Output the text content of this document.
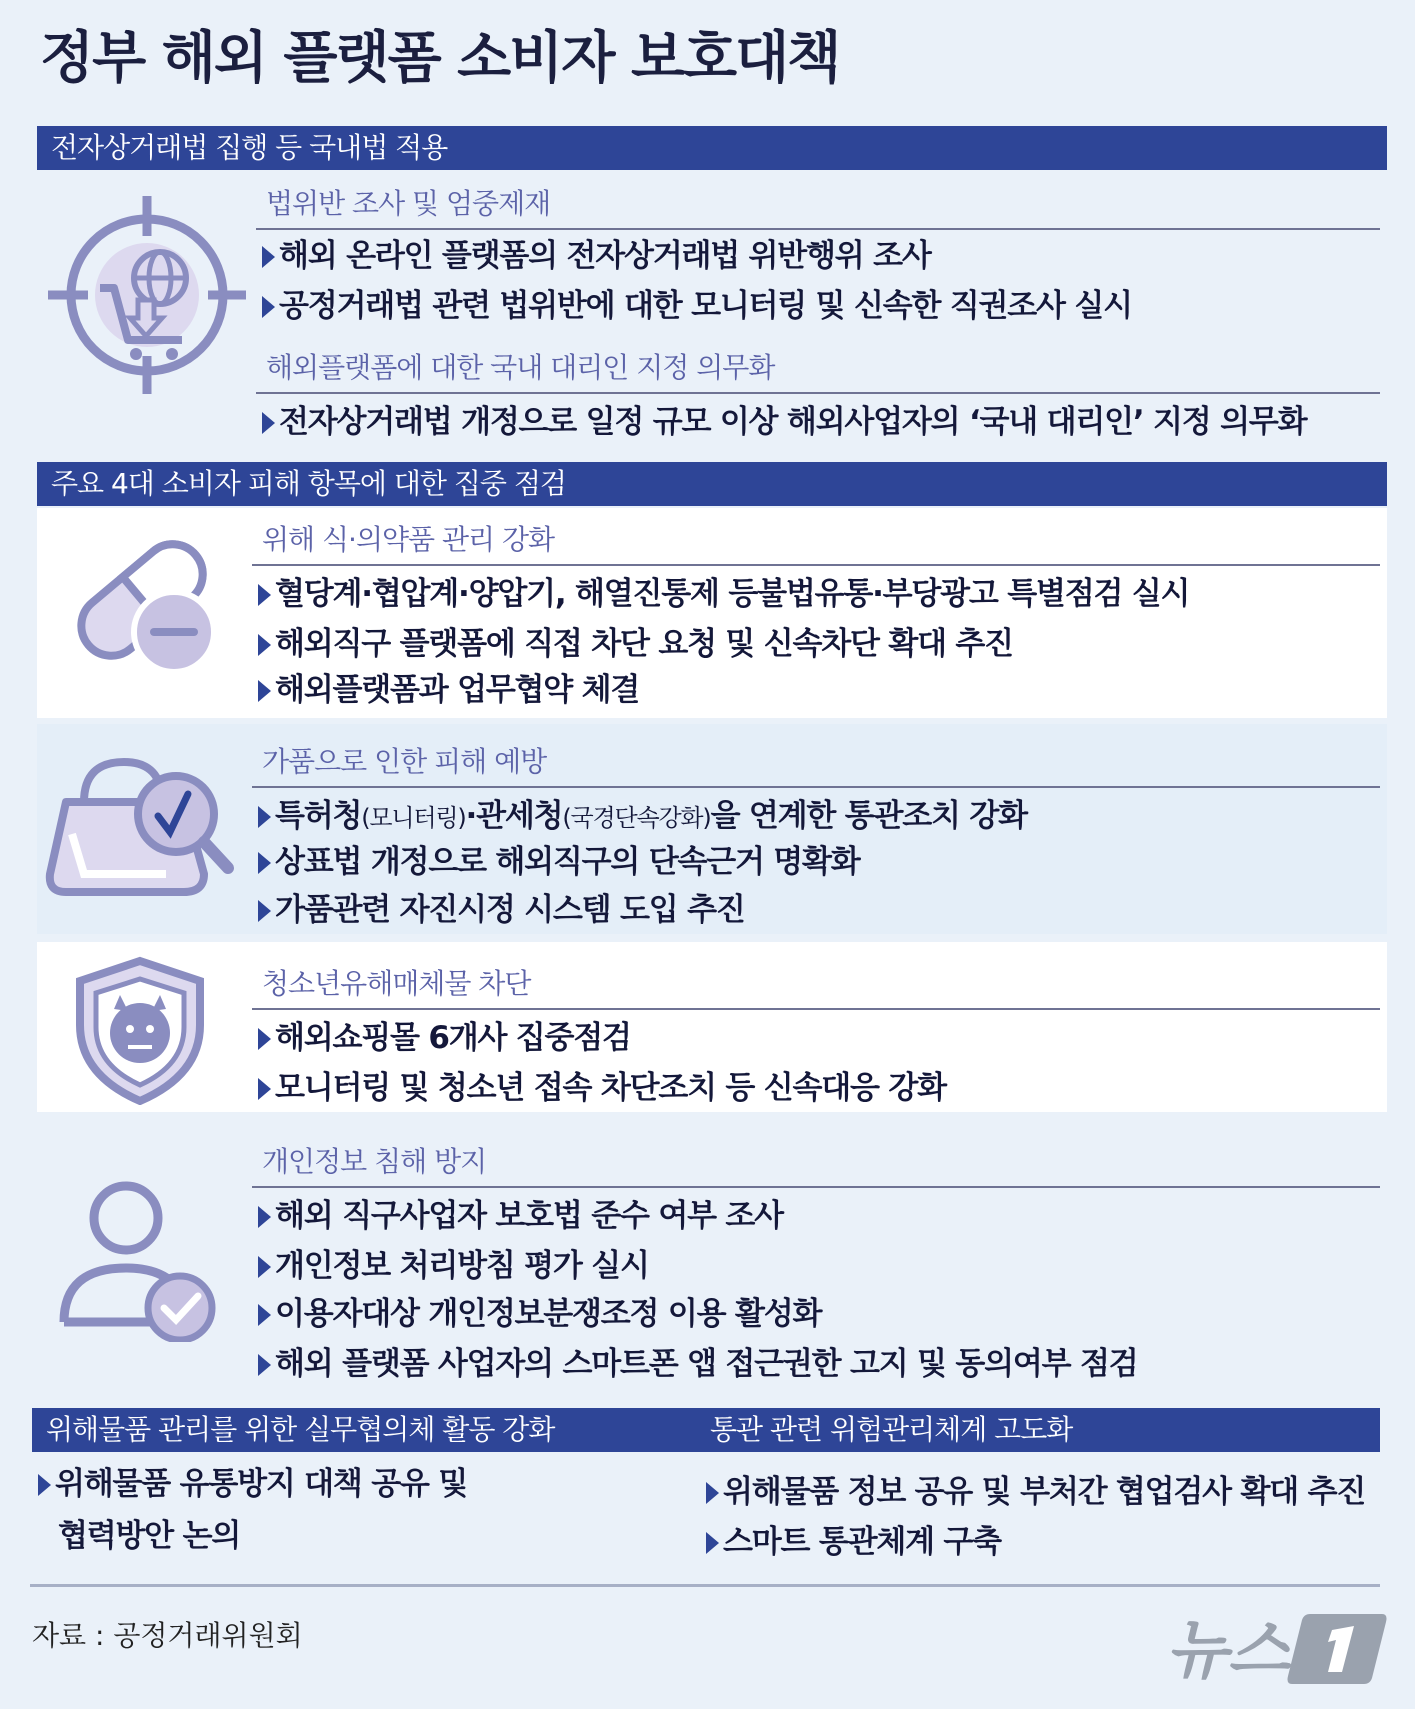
정부 해외 플랫폼 소비자 보호대책
전자상거래법 집행 등 국내법 적용
법위반 조사 및 엄중제재
해외 온라인 플랫폼의 전자상거래법 위반행위 조사
공정거래법 관련 법위반에 대한 모니터링 및 신속한 직권조사 실시
해외플랫폼에 대한 국내 대리인 지정 의무화
전자상거래법 개정으로 일정 규모 이상 해외사업자의 ‘국내 대리인’ 지정 의무화
주요 4대 소비자 피해 항목에 대한 집중 점검
위해 식·의약품 관리 강화
혈당계·협압계·양압기, 해열진통제 등불법유통·부당광고 특별점검 실시
해외직구 플랫폼에 직접 차단 요청 및 신속차단 확대 추진
해외플랫폼과 업무협약 체결
가품으로 인한 피해 예방
특허청(모니터링)·관세청(국경단속강화)을 연계한 통관조치 강화
상표법 개정으로 해외직구의 단속근거 명확화
가품관련 자진시정 시스템 도입 추진
청소년유해매체물 차단
해외쇼핑몰 6개사 집중점검
모니터링 및 청소년 접속 차단조치 등 신속대응 강화
개인정보 침해 방지
해외 직구사업자 보호법 준수 여부 조사
개인정보 처리방침 평가 실시
이용자대상 개인정보분쟁조정 이용 활성화
해외 플랫폼 사업자의 스마트폰 앱 접근권한 고지 및 동의여부 점검
위해물품 관리를 위한 실무협의체 활동 강화	통관 관련 위험관리체계 고도화
위해물품 유통방지 대책 공유 및
협력방안 논의
위해물품 정보 공유 및 부처간 협업검사 확대 추진
스마트 통관체계 구축
자료 : 공정거래위원회	뉴스
